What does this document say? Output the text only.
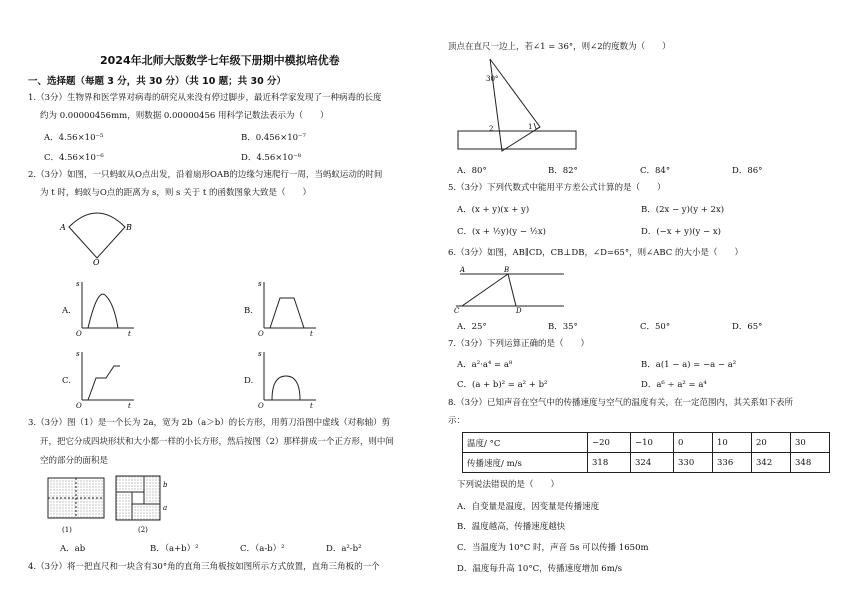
2024年北师大版数学七年级下册期中模拟培优卷
一、选择题（每题 3 分，共 30 分）（共 10 题；共 30 分）
1.（3分）生物界和医学界对病毒的研究从来没有停过脚步，最近科学家发现了一种病毒的长度
约为 0.00000456mm，则数据 0.00000456 用科学记数法表示为（　　）
A．4.56×10⁻⁵	B．0.456×10⁻⁷
C．4.56×10⁻⁶	D．4.56×10⁻⁸
2.（3分）如图，一只蚂蚁从O点出发，沿着扇形OAB的边缘匀速爬行一周，当蚂蚁运动的时间
为 t 时，蚂蚁与O点的距离为 s，则 s 关于 t 的函数图象大致是（　　）
A	B
O
A.
s
t
O
B.
s
t
O
C.
s
t
O
D.
s
t
O
3.（3分）图（1）是一个长为 2a，宽为 2b（a＞b）的长方形，用剪刀沿图中虚线（对称轴）剪
开，把它分成四块形状和大小都一样的小长方形，然后按图（2）那样拼成一个正方形，则中间
空的部分的面积是
(1)
b
a
(2)
A．ab	B．（a+b）²	C．（a-b）²	D．a²-b²
4.（3分）将一把直尺和一块含有30°角的直角三角板按如图所示方式放置，直角三角板的一个
顶点在直尺一边上，若∠1 = 36°，则∠2的度数为（　　）
30°
1
2
A．80°	B．82°	C．84°	D．86°
5.（3分）下列代数式中能用平方差公式计算的是（　　）
A．(x + y)(x + y)	B．(2x − y)(y + 2x)
C．(x + ½y)(y − ½x)	D．(−x + y)(y − x)
6.（3分）如图，AB∥CD，CB⊥DB，∠D=65°，则∠ABC 的大小是（　　）
A	B
C	D
A．25°	B．35°	C．50°	D．65°
7.（3分）下列运算正确的是（　　）
A．a²·a⁴ = a⁸	B．a(1 − a) = −a − a²
C．(a + b)² = a² + b²	D．a⁶ ÷ a² = a⁴
8.（3分）已知声音在空气中的传播速度与空气的温度有关，在一定范围内，其关系如下表所
示：
温度/ °C	−20	−10	0	10	20	30
传播速度/ m/s	318	324	330	336	342	348
下列说法错误的是（　　）
A．自变量是温度，因变量是传播速度
B．温度越高，传播速度越快
C．当温度为 10°C 时，声音 5s 可以传播 1650m
D．温度每升高 10°C，传播速度增加 6m/s
